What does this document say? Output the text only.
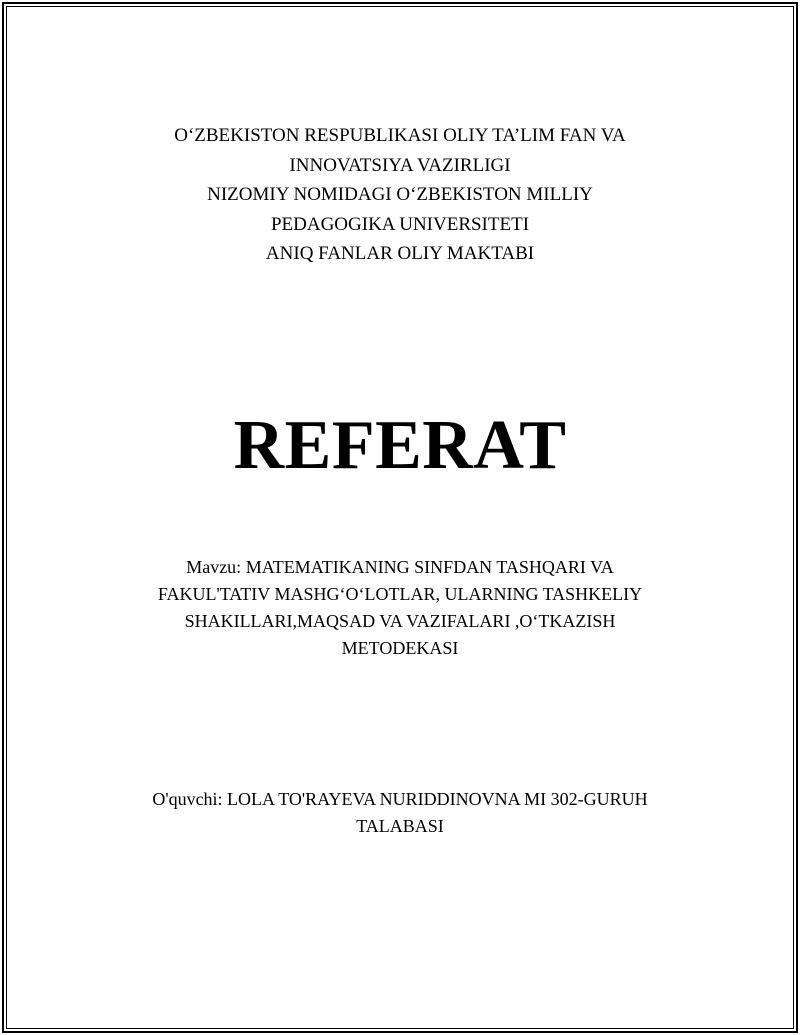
O‘ZBEKISTON RESPUBLIKASI OLIY TA’LIM FAN VA
INNOVATSIYA VAZIRLIGI
NIZOMIY NOMIDAGI O‘ZBEKISTON MILLIY
PEDAGOGIKA UNIVERSITETI
ANIQ FANLAR OLIY MAKTABI
REFERAT
Mavzu: MATEMATIKANING SINFDAN TASHQARI VA
FAKUL'TATIV MASHG‘O‘LOTLAR, ULARNING TASHKELIY
SHAKILLARI,MAQSAD VA VAZIFALARI ,O‘TKAZISH
METODEKASI
O'quvchi: LOLA TO'RAYEVA NURIDDINOVNA MI 302-GURUH
TALABASI
